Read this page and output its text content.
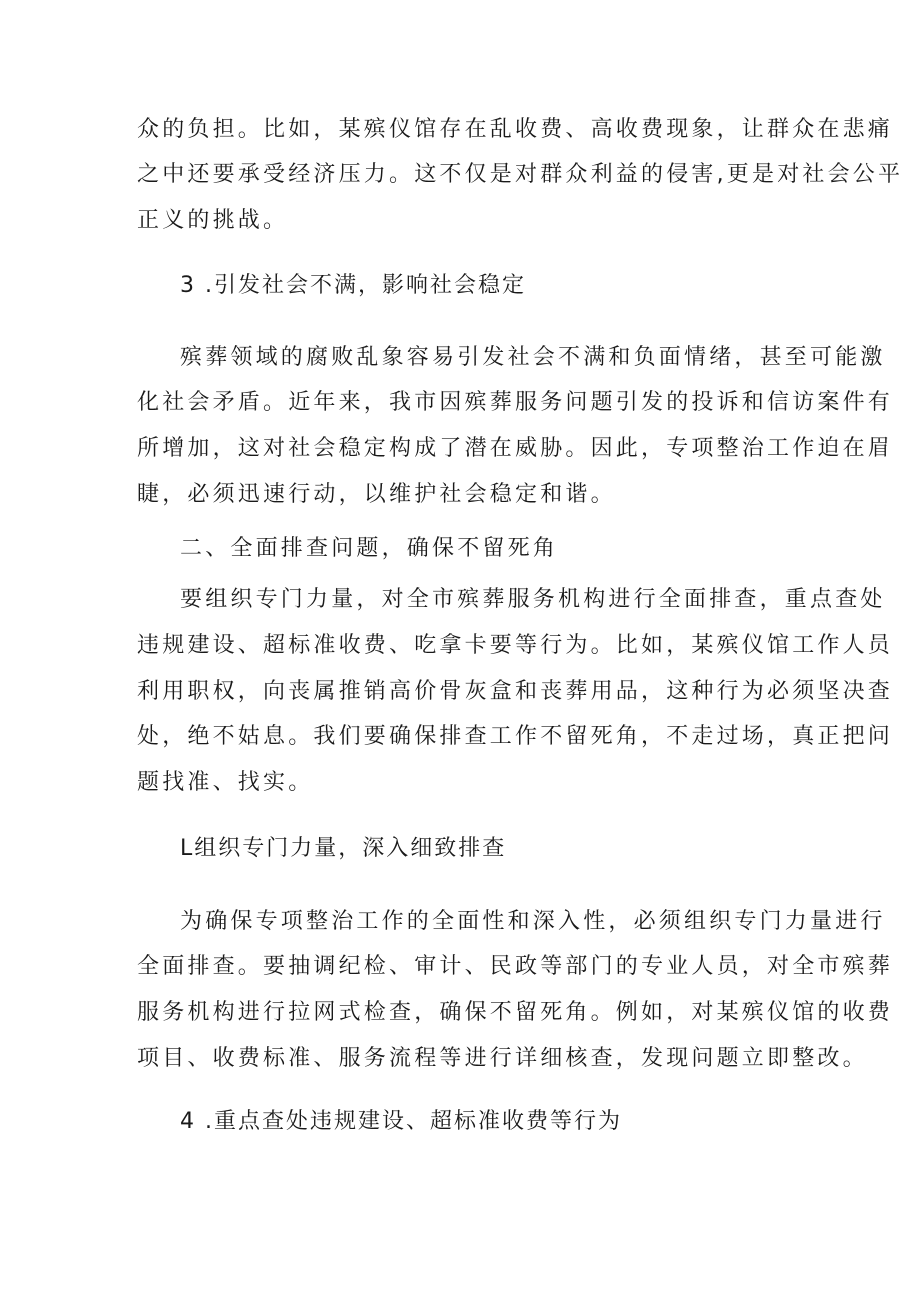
众的负担。比如，某殡仪馆存在乱收费、高收费现象，让群众在悲痛
之中还要承受经济压力。这不仅是对群众利益的侵害,更是对社会公平
正义的挑战。
3 .引发社会不满，影响社会稳定
殡葬领域的腐败乱象容易引发社会不满和负面情绪，甚至可能激
化社会矛盾。近年来，我市因殡葬服务问题引发的投诉和信访案件有
所增加，这对社会稳定构成了潜在威胁。因此，专项整治工作迫在眉
睫，必须迅速行动，以维护社会稳定和谐。
二、全面排查问题，确保不留死角
要组织专门力量，对全市殡葬服务机构进行全面排查，重点查处
违规建设、超标准收费、吃拿卡要等行为。比如，某殡仪馆工作人员
利用职权，向丧属推销高价骨灰盒和丧葬用品，这种行为必须坚决查
处，绝不姑息。我们要确保排查工作不留死角，不走过场，真正把问
题找准、找实。
L组织专门力量，深入细致排查
为确保专项整治工作的全面性和深入性，必须组织专门力量进行
全面排查。要抽调纪检、审计、民政等部门的专业人员，对全市殡葬
服务机构进行拉网式检查，确保不留死角。例如，对某殡仪馆的收费
项目、收费标准、服务流程等进行详细核查，发现问题立即整改。
4 .重点查处违规建设、超标准收费等行为
